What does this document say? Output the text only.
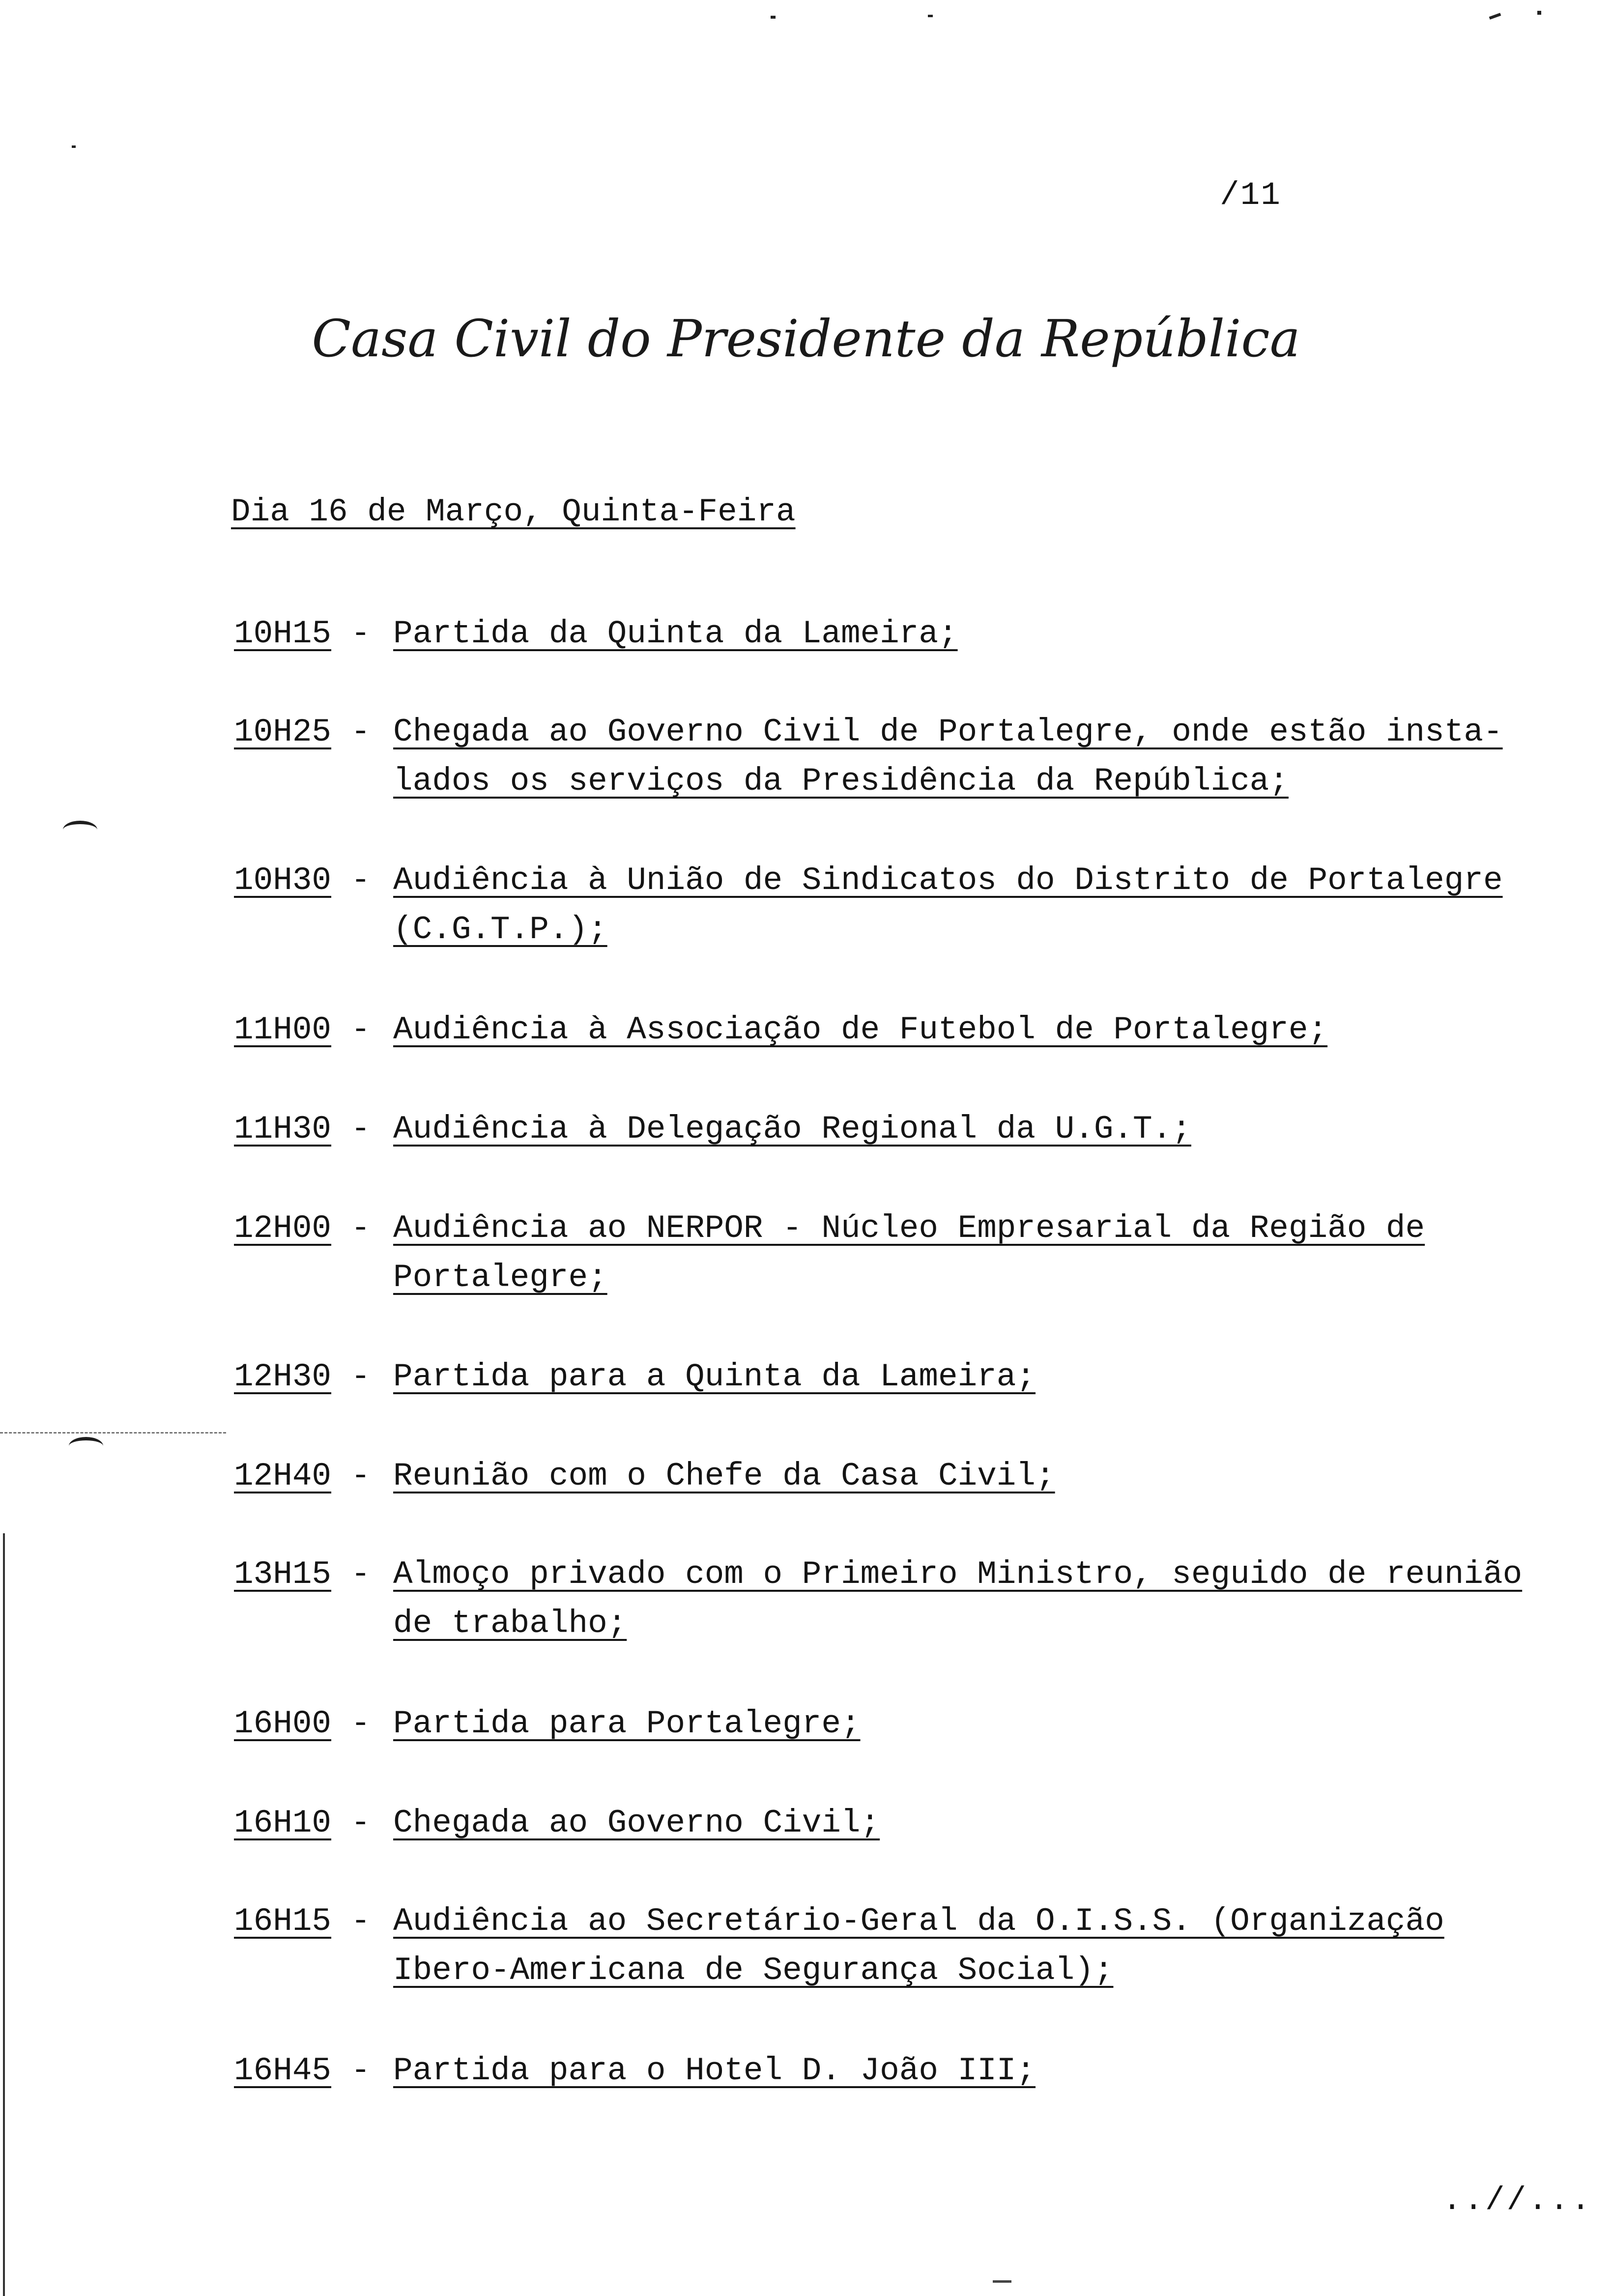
/11
Casa Civil do Presidente da República
Dia 16 de Março, Quinta-Feira

10H15

-

Partida da Quinta da Lameira;

10H25

-

Chegada ao Governo Civil de Portalegre, onde estão insta-
lados os serviços da Presidência da República;

10H30

-

Audiência à União de Sindicatos do Distrito de Portalegre
(C.G.T.P.);

11H00

-

Audiência à Associação de Futebol de Portalegre;

11H30

-

Audiência à Delegação Regional da U.G.T.;

12H00

-

Audiência ao NERPOR - Núcleo Empresarial da Região de
Portalegre;

12H30

-

Partida para a Quinta da Lameira;

12H40

-

Reunião com o Chefe da Casa Civil;

13H15

-

Almoço privado com o Primeiro Ministro, seguido de reunião
de trabalho;

16H00

-

Partida para Portalegre;

16H10

-

Chegada ao Governo Civil;

16H15

-

Audiência ao Secretário-Geral da O.I.S.S. (Organização
Ibero-Americana de Segurança Social);

16H45

-

Partida para o Hotel D. João III;

..//...
